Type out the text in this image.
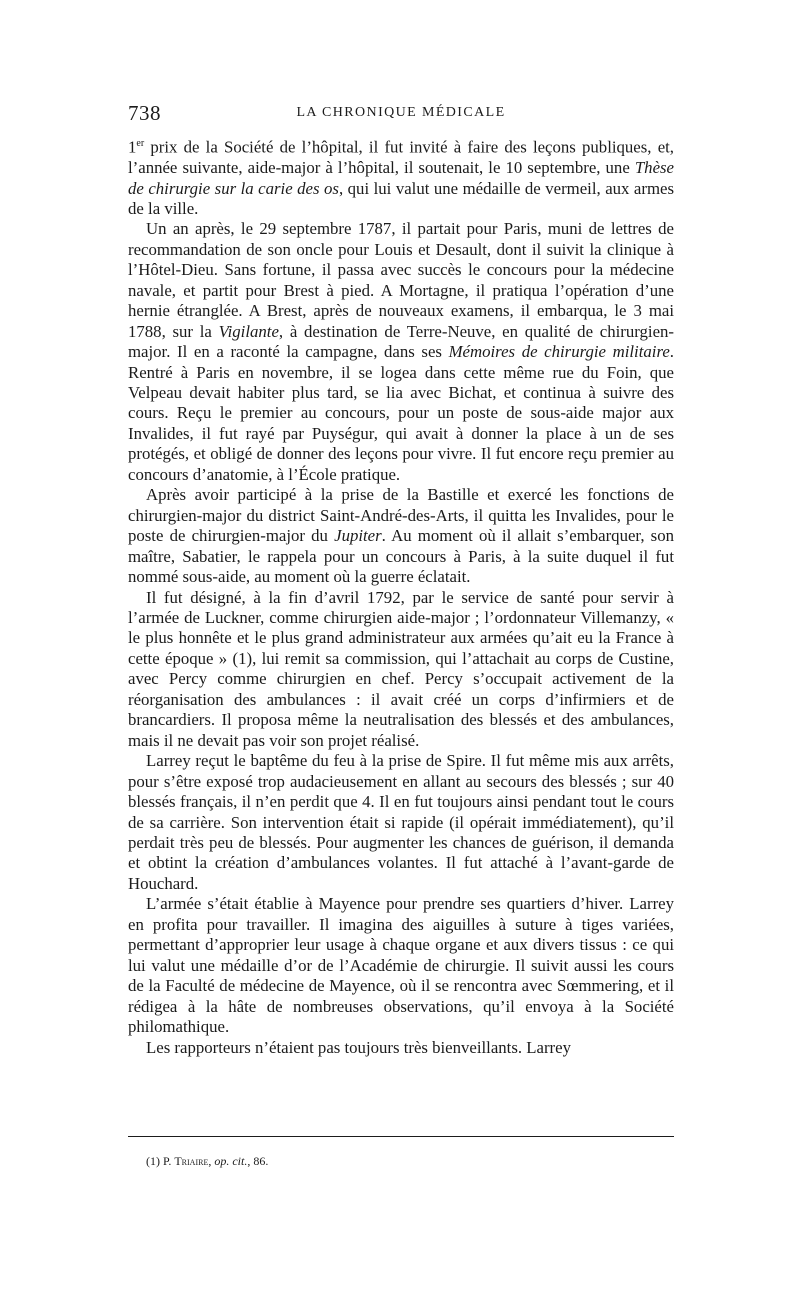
738	LA CHRONIQUE MÉDICALE

1er prix de la Société de l’hôpital, il fut invité à faire des leçons publiques, et, l’année suivante, aide-major à l’hôpital, il soutenait, le 10 septembre, une Thèse de chirurgie sur la carie des os, qui lui valut une médaille de vermeil, aux armes de la ville.

Un an après, le 29 septembre 1787, il partait pour Paris, muni de lettres de recommandation de son oncle pour Louis et Desault, dont il suivit la clinique à l’Hôtel-Dieu. Sans fortune, il passa avec succès le concours pour la médecine navale, et partit pour Brest à pied. A Mortagne, il pratiqua l’opération d’une hernie étranglée. A Brest, après de nouveaux examens, il embarqua, le 3 mai 1788, sur la Vigilante, à destination de Terre-Neuve, en qualité de chirurgien-major. Il en a raconté la campagne, dans ses Mémoires de chirurgie militaire. Rentré à Paris en novembre, il se logea dans cette même rue du Foin, que Velpeau devait habiter plus tard, se lia avec Bichat, et continua à suivre des cours. Reçu le premier au concours, pour un poste de sous-aide major aux Invalides, il fut rayé par Puységur, qui avait à donner la place à un de ses protégés, et obligé de donner des leçons pour vivre. Il fut encore reçu premier au concours d’anatomie, à l’École pratique.

Après avoir participé à la prise de la Bastille et exercé les fonctions de chirurgien-major du district Saint-André-des-Arts, il quitta les Invalides, pour le poste de chirurgien-major du Jupiter. Au moment où il allait s’embarquer, son maître, Sabatier, le rappela pour un concours à Paris, à la suite duquel il fut nommé sous-aide, au moment où la guerre éclatait.

Il fut désigné, à la fin d’avril 1792, par le service de santé pour servir à l’armée de Luckner, comme chirurgien aide-major ; l’ordonnateur Villemanzy, « le plus honnête et le plus grand administrateur aux armées qu’ait eu la France à cette époque » (1), lui remit sa commission, qui l’attachait au corps de Custine, avec Percy comme chirurgien en chef. Percy s’occupait activement de la réorganisation des ambulances : il avait créé un corps d’infirmiers et de brancardiers. Il proposa même la neutralisation des blessés et des ambulances, mais il ne devait pas voir son projet réalisé.

Larrey reçut le baptême du feu à la prise de Spire. Il fut même mis aux arrêts, pour s’être exposé trop audacieusement en allant au secours des blessés ; sur 40 blessés français, il n’en perdit que 4. Il en fut toujours ainsi pendant tout le cours de sa carrière. Son intervention était si rapide (il opérait immédiatement), qu’il perdait très peu de blessés. Pour augmenter les chances de guérison, il demanda et obtint la création d’ambulances volantes. Il fut attaché à l’avant-garde de Houchard.

L’armée s’était établie à Mayence pour prendre ses quartiers d’hiver. Larrey en profita pour travailler. Il imagina des aiguilles à suture à tiges variées, permettant d’approprier leur usage à chaque organe et aux divers tissus : ce qui lui valut une médaille d’or de l’Académie de chirurgie. Il suivit aussi les cours de la Faculté de médecine de Mayence, où il se rencontra avec Sœmmering, et il rédigea à la hâte de nombreuses observations, qu’il envoya à la Société philomathique.

Les rapporteurs n’étaient pas toujours très bienveillants. Larrey

(1) P. Triaire, op. cit., 86.
